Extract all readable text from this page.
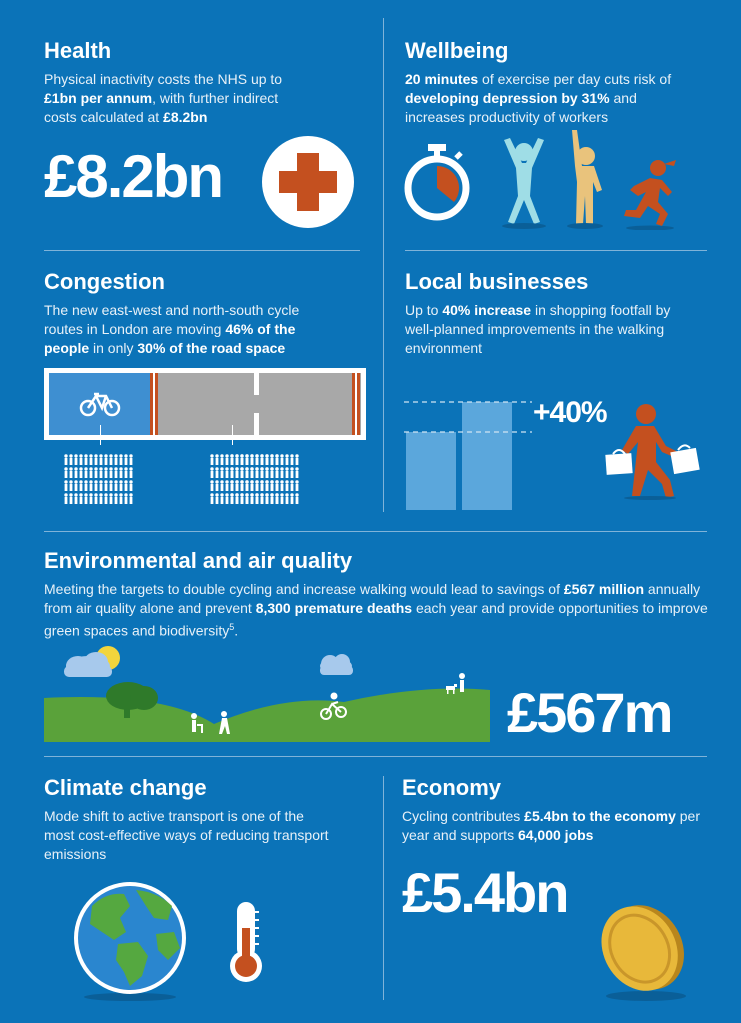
Health
Physical inactivity costs the NHS up to £1bn per annum, with further indirect costs calculated at £8.2bn
£8.2bn
Wellbeing
20 minutes of exercise per day cuts risk of developing depression by 31% and increases productivity of workers
Congestion
The new east-west and north-south cycle routes in London are moving 46% of the people in only 30% of the road space
Local businesses
Up to 40% increase in shopping footfall by well-planned improvements in the walking environment
+40%
Environmental and air quality
Meeting the targets to double cycling and increase walking would lead to savings of £567 million annually from air quality alone and prevent 8,300 premature deaths each year and provide opportunities to improve green spaces and biodiversity$^5$.
£567m
Climate change
Mode shift to active transport is one of the most cost-effective ways of reducing transport emissions
Economy
Cycling contributes £5.4bn to the economy per year and supports 64,000 jobs
£5.4bn
